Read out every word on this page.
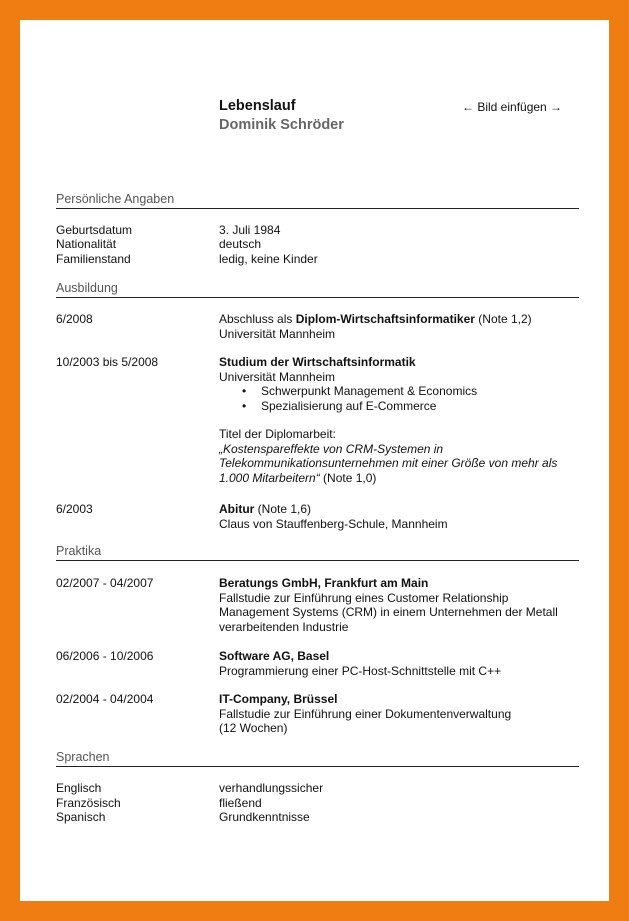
Lebenslauf
Dominik Schröder
← Bild einfügen →
Persönliche Angaben
Geburtsdatum	3. Juli 1984
Nationalität	deutsch
Familienstand	ledig, keine Kinder
Ausbildung
6/2008	Abschluss als Diplom-Wirtschaftsinformatiker (Note 1,2)
Universität Mannheim
10/2003 bis 5/2008	Studium der Wirtschaftsinformatik
Universität Mannheim
• Schwerpunkt Management & Economics
• Spezialisierung auf E-Commerce
Titel der Diplomarbeit:
„Kostensparеffekte von CRM-Systemen in Telekommunikationsunternehmen mit einer Größe von mehr als 1.000 Mitarbeitern“ (Note 1,0)
6/2003	Abitur (Note 1,6)
Claus von Stauffenberg-Schule, Mannheim
Praktika
02/2007 - 04/2007	Beratungs GmbH, Frankfurt am Main
Fallstudie zur Einführung eines Customer Relationship Management Systems (CRM) in einem Unternehmen der Metall verarbeitenden Industrie
06/2006 - 10/2006	Software AG, Basel
Programmierung einer PC-Host-Schnittstelle mit C++
02/2004 - 04/2004	IT-Company, Brüssel
Fallstudie zur Einführung einer Dokumentenverwaltung (12 Wochen)
Sprachen
Englisch	verhandlungssicher
Französisch	fließend
Spanisch	Grundkenntnisse
